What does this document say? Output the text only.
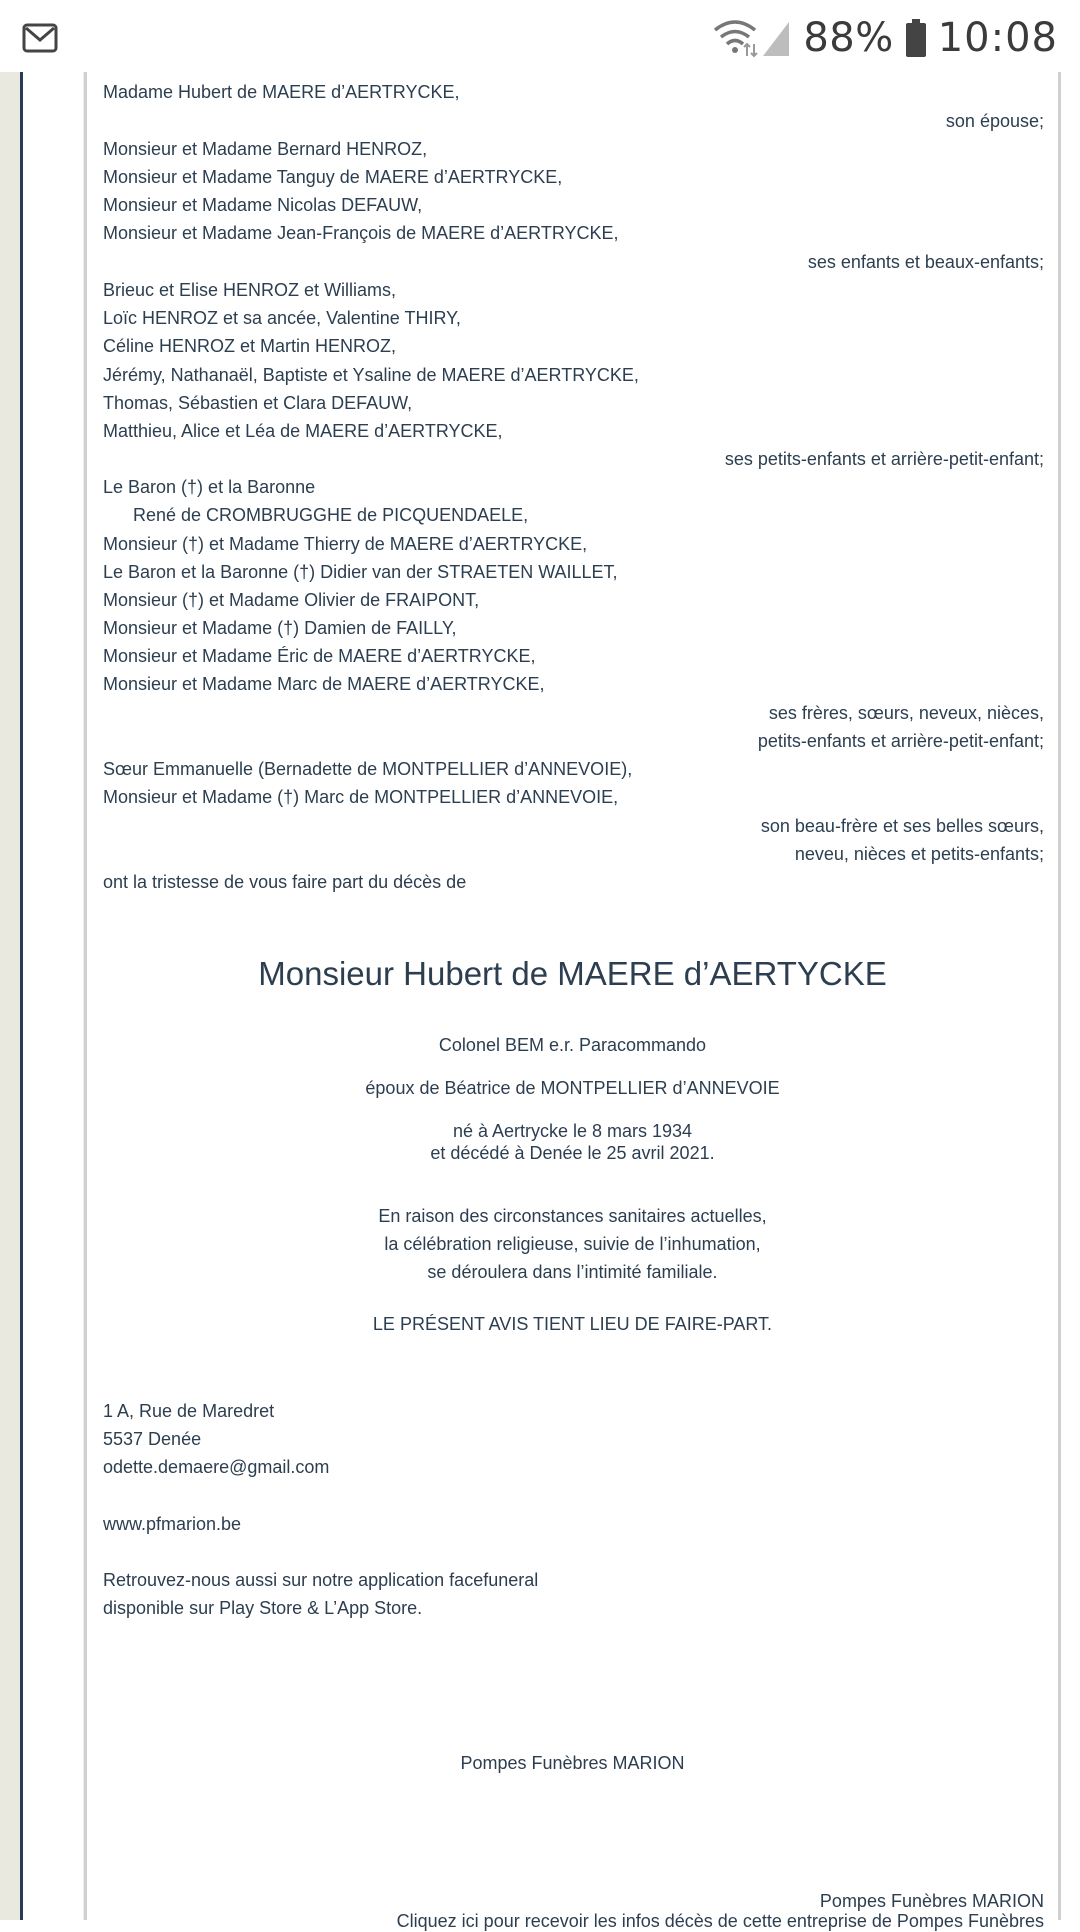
88% 10:08
Madame Hubert de MAERE d’AERTRYCKE,
son épouse;
Monsieur et Madame Bernard HENROZ,
Monsieur et Madame Tanguy de MAERE d’AERTRYCKE,
Monsieur et Madame Nicolas DEFAUW,
Monsieur et Madame Jean-François de MAERE d’AERTRYCKE,
ses enfants et beaux-enfants;
Brieuc et Elise HENROZ et Williams,
Loïc HENROZ et sa ancée, Valentine THIRY,
Céline HENROZ et Martin HENROZ,
Jérémy, Nathanaël, Baptiste et Ysaline de MAERE d’AERTRYCKE,
Thomas, Sébastien et Clara DEFAUW,
Matthieu, Alice et Léa de MAERE d’AERTRYCKE,
ses petits-enfants et arrière-petit-enfant;
Le Baron (†) et la Baronne
René de CROMBRUGGHE de PICQUENDAELE,
Monsieur (†) et Madame Thierry de MAERE d’AERTRYCKE,
Le Baron et la Baronne (†) Didier van der STRAETEN WAILLET,
Monsieur (†) et Madame Olivier de FRAIPONT,
Monsieur et Madame (†) Damien de FAILLY,
Monsieur et Madame Éric de MAERE d’AERTRYCKE,
Monsieur et Madame Marc de MAERE d’AERTRYCKE,
ses frères, sœurs, neveux, nièces,
petits-enfants et arrière-petit-enfant;
Sœur Emmanuelle (Bernadette de MONTPELLIER d’ANNEVOIE),
Monsieur et Madame (†) Marc de MONTPELLIER d’ANNEVOIE,
son beau-frère et ses belles sœurs,
neveu, nièces et petits-enfants;
ont la tristesse de vous faire part du décès de
Monsieur Hubert de MAERE d’AERTYCKE
Colonel BEM e.r. Paracommando
époux de Béatrice de MONTPELLIER d’ANNEVOIE
né à Aertrycke le 8 mars 1934
et décédé à Denée le 25 avril 2021.
En raison des circonstances sanitaires actuelles,
la célébration religieuse, suivie de l’inhumation,
se déroulera dans l’intimité familiale.
LE PRÉSENT AVIS TIENT LIEU DE FAIRE-PART.
1 A, Rue de Maredret
5537 Denée
odette.demaere@gmail.com
www.pfmarion.be
Retrouvez-nous aussi sur notre application facefuneral
disponible sur Play Store & L’App Store.
Pompes Funèbres MARION
Pompes Funèbres MARION
Cliquez ici pour recevoir les infos décès de cette entreprise de Pompes Funèbres
